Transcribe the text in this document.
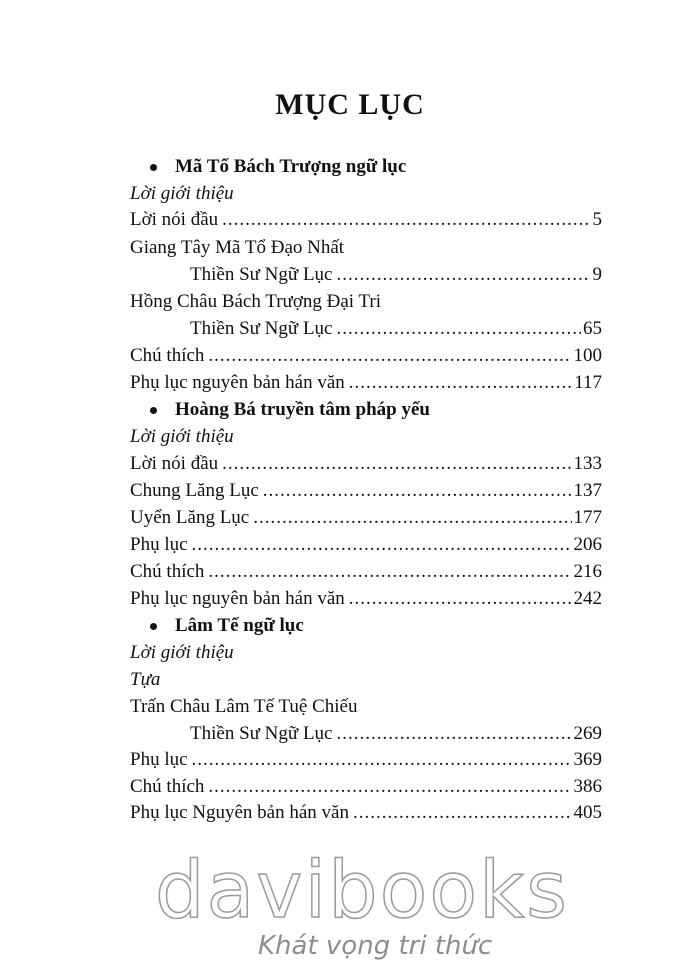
MỤC LỤC
Mã Tổ Bách Trượng ngữ lục
Lời giới thiệu
Lời nói đầu .....	5
Giang Tây Mã Tổ Đạo Nhất
Thiền Sư Ngữ Lục .....	9
Hồng Châu Bách Trượng Đại Tri
Thiền Sư Ngữ Lục .....	65
Chú thích .....	100
Phụ lục nguyên bản hán văn .....	117
Hoàng Bá truyền tâm pháp yếu
Lời giới thiệu
Lời nói đầu .....	133
Chung Lăng Lục .....	137
Uyển Lăng Lục .....	177
Phụ lục .....	206
Chú thích .....	216
Phụ lục nguyên bản hán văn .....	242
Lâm Tế ngữ lục
Lời giới thiệu
Tựa
Trấn Châu Lâm Tế Tuệ Chiếu
Thiền Sư Ngữ Lục .....	269
Phụ lục .....	369
Chú thích .....	386
Phụ lục Nguyên bản hán văn .....	405
davibooks
Khát vọng tri thức
